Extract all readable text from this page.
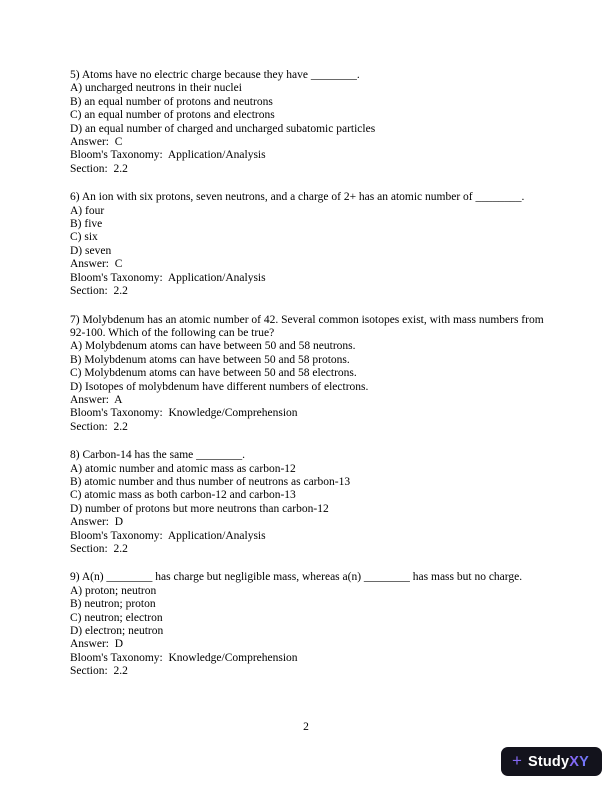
5) Atoms have no electric charge because they have ________.

A) uncharged neutrons in their nuclei

B) an equal number of protons and neutrons

C) an equal number of protons and electrons

D) an equal number of charged and uncharged subatomic particles

Answer:  C

Bloom's Taxonomy:  Application/Analysis

Section:  2.2

6) An ion with six protons, seven neutrons, and a charge of 2+ has an atomic number of ________.

A) four

B) five

C) six

D) seven

Answer:  C

Bloom's Taxonomy:  Application/Analysis

Section:  2.2

7) Molybdenum has an atomic number of 42. Several common isotopes exist, with mass numbers from 92-100. Which of the following can be true?

A) Molybdenum atoms can have between 50 and 58 neutrons.

B) Molybdenum atoms can have between 50 and 58 protons.

C) Molybdenum atoms can have between 50 and 58 electrons.

D) Isotopes of molybdenum have different numbers of electrons.

Answer:  A

Bloom's Taxonomy:  Knowledge/Comprehension

Section:  2.2

8) Carbon-14 has the same ________.

A) atomic number and atomic mass as carbon-12

B) atomic number and thus number of neutrons as carbon-13

C) atomic mass as both carbon-12 and carbon-13

D) number of protons but more neutrons than carbon-12

Answer:  D

Bloom's Taxonomy:  Application/Analysis

Section:  2.2

9) A(n) ________ has charge but negligible mass, whereas a(n) ________ has mass but no charge.

A) proton; neutron

B) neutron; proton

C) neutron; electron

D) electron; neutron

Answer:  D

Bloom's Taxonomy:  Knowledge/Comprehension

Section:  2.2

2
+ StudyXY
